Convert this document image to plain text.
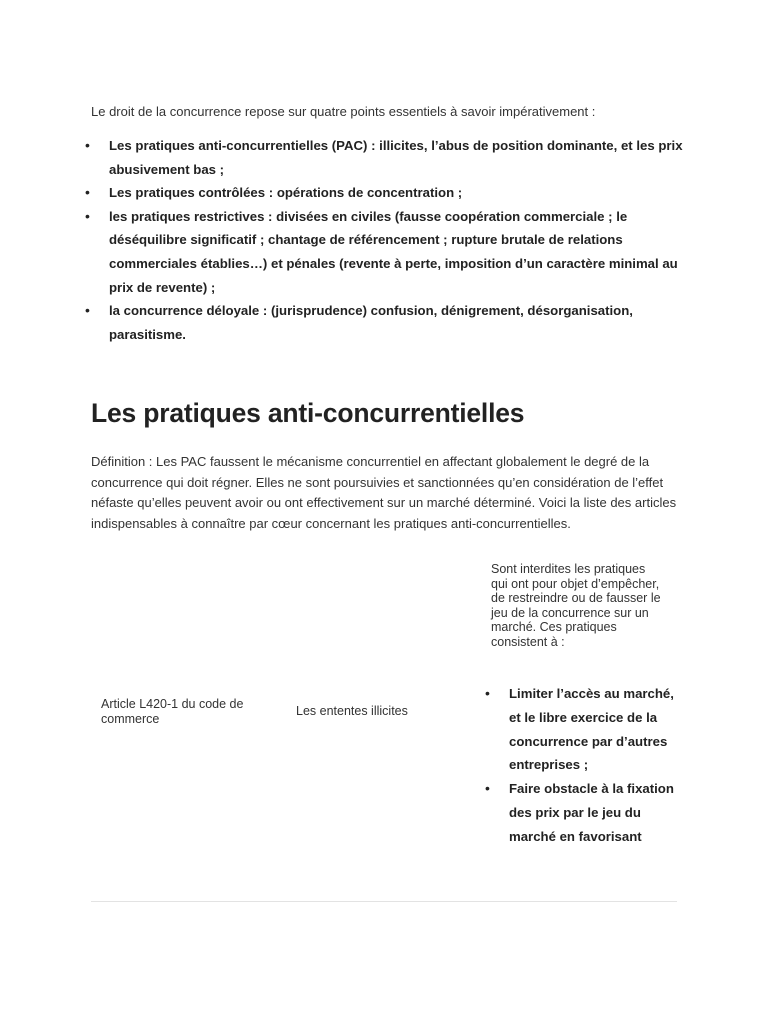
Le droit de la concurrence repose sur quatre points essentiels à savoir impérativement :

• Les pratiques anti-concurrentielles (PAC) : illicites, l’abus de position dominante, et les prix abusivement bas ;
• Les pratiques contrôlées : opérations de concentration ;
• les pratiques restrictives : divisées en civiles (fausse coopération commerciale ; le déséquilibre significatif ; chantage de référencement ; rupture brutale de relations commerciales établies…) et pénales (revente à perte, imposition d’un caractère minimal au prix de revente) ;
• la concurrence déloyale : (jurisprudence) confusion, dénigrement, désorganisation, parasitisme.
Les pratiques anti-concurrentielles

Définition : Les PAC faussent le mécanisme concurrentiel en affectant globalement le degré de la concurrence qui doit régner. Elles ne sont poursuivies et sanctionnées qu’en considération de l’effet néfaste qu’elles peuvent avoir ou ont effectivement sur un marché déterminé. Voici la liste des articles indispensables à connaître par cœur concernant les pratiques anti-concurrentielles.

Sont interdites les pratiques qui ont pour objet d’empêcher, de restreindre ou de fausser le jeu de la concurrence sur un marché. Ces pratiques consistent à :
Article L420-1 du code de commerce
Les ententes illicites
• Limiter l’accès au marché, et le libre exercice de la concurrence par d’autres entreprises ;
• Faire obstacle à la fixation des prix par le jeu du marché en favorisant
